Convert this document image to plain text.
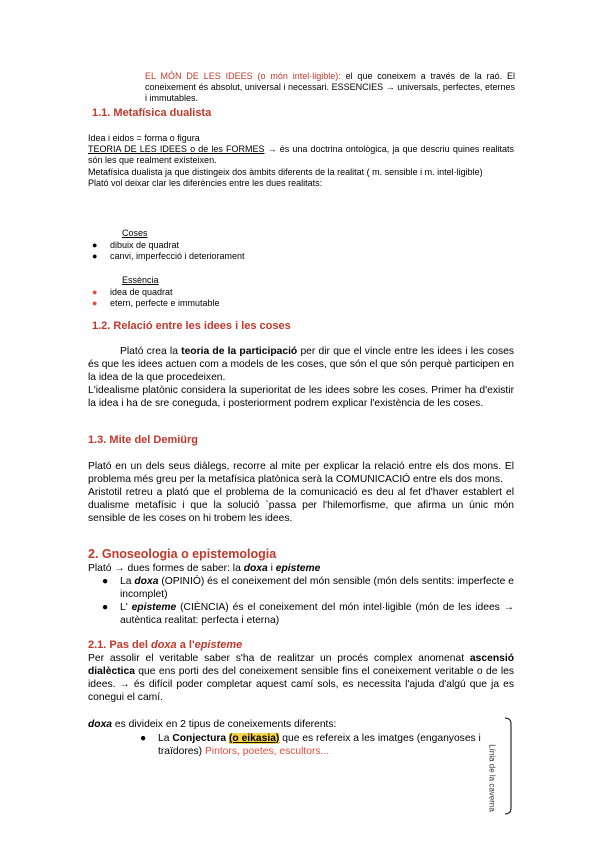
EL MÓN DE LES IDEES (o món intel·ligible): el que coneixem a través de la raó. El coneixement és absolut, universal i necessari. ESSENCIES → universals, perfectes, eternes i immutables.
1.1. Metafísica dualista
Idea i eidos = forma o figura
TEORIA DE LES IDEES o de les FORMES → és una doctrina ontològica, ja que descriu quines realitats són les que realment existeixen.
Metafísica dualista ja que distingeix dos àmbits diferents de la realitat ( m. sensible i m. intel·ligible)
Plató vol deixar clar les diferències entre les dues realitats:
Coses
● dibuix de quadrat
● canvi, imperfecció i deteriorament
Essència
● idea de quadrat
● etern, perfecte e immutable
1.2. Relació entre les idees i les coses
Plató crea la teoria de la participació per dir que el vincle entre les idees i les coses és que les idees actuen com a models de les coses, que són el que són perquè participen en la idea de la que procedeixen.
L'idealisme platònic considera la superioritat de les idees sobre les coses. Primer ha d'existir la idea i ha de sre coneguda, i posteriorment podrem explicar l'existència de les coses.
1.3. Mite del Demiürg
Plató en un dels seus diàlegs, recorre al mite per explicar la relació entre els dos mons. El problema més greu per la metafísica platònica serà la COMUNICACIÓ entre els dos mons.
Aristotil retreu a plató que el problema de la comunicació es deu al fet d'haver establert el dualisme metafísic i que la solució `passa per l'hilemorfisme, que afirma un únic món sensible de les coses on hi trobem les idees.
2. Gnoseologia o epistemologia
Plató → dues formes de saber: la doxa i episteme
● La doxa (OPINIÓ) és el coneixement del món sensible (món dels sentits: imperfecte e incomplet)
● L' episteme (CIÈNCIA) és el coneixement del món intel·ligible (món de les idees → autèntica realitat: perfecta i eterna)
2.1. Pas del doxa a l'episteme
Per assolir el veritable saber s'ha de realitzar un procés complex anomenat ascensió dialèctica que ens porti des del coneixement sensible fins el coneixement veritable o de les idees. → és difícil poder completar aquest camí sols, es necessita l'ajuda d'algú que ja es conegui el camí.
doxa es divideix en 2 tipus de coneixements diferents:
● La Conjectura (o eikasia) que es refereix a les imatges (enganyoses i traïdores) Pintors, poetes, escultors...	Línia de la caverna
